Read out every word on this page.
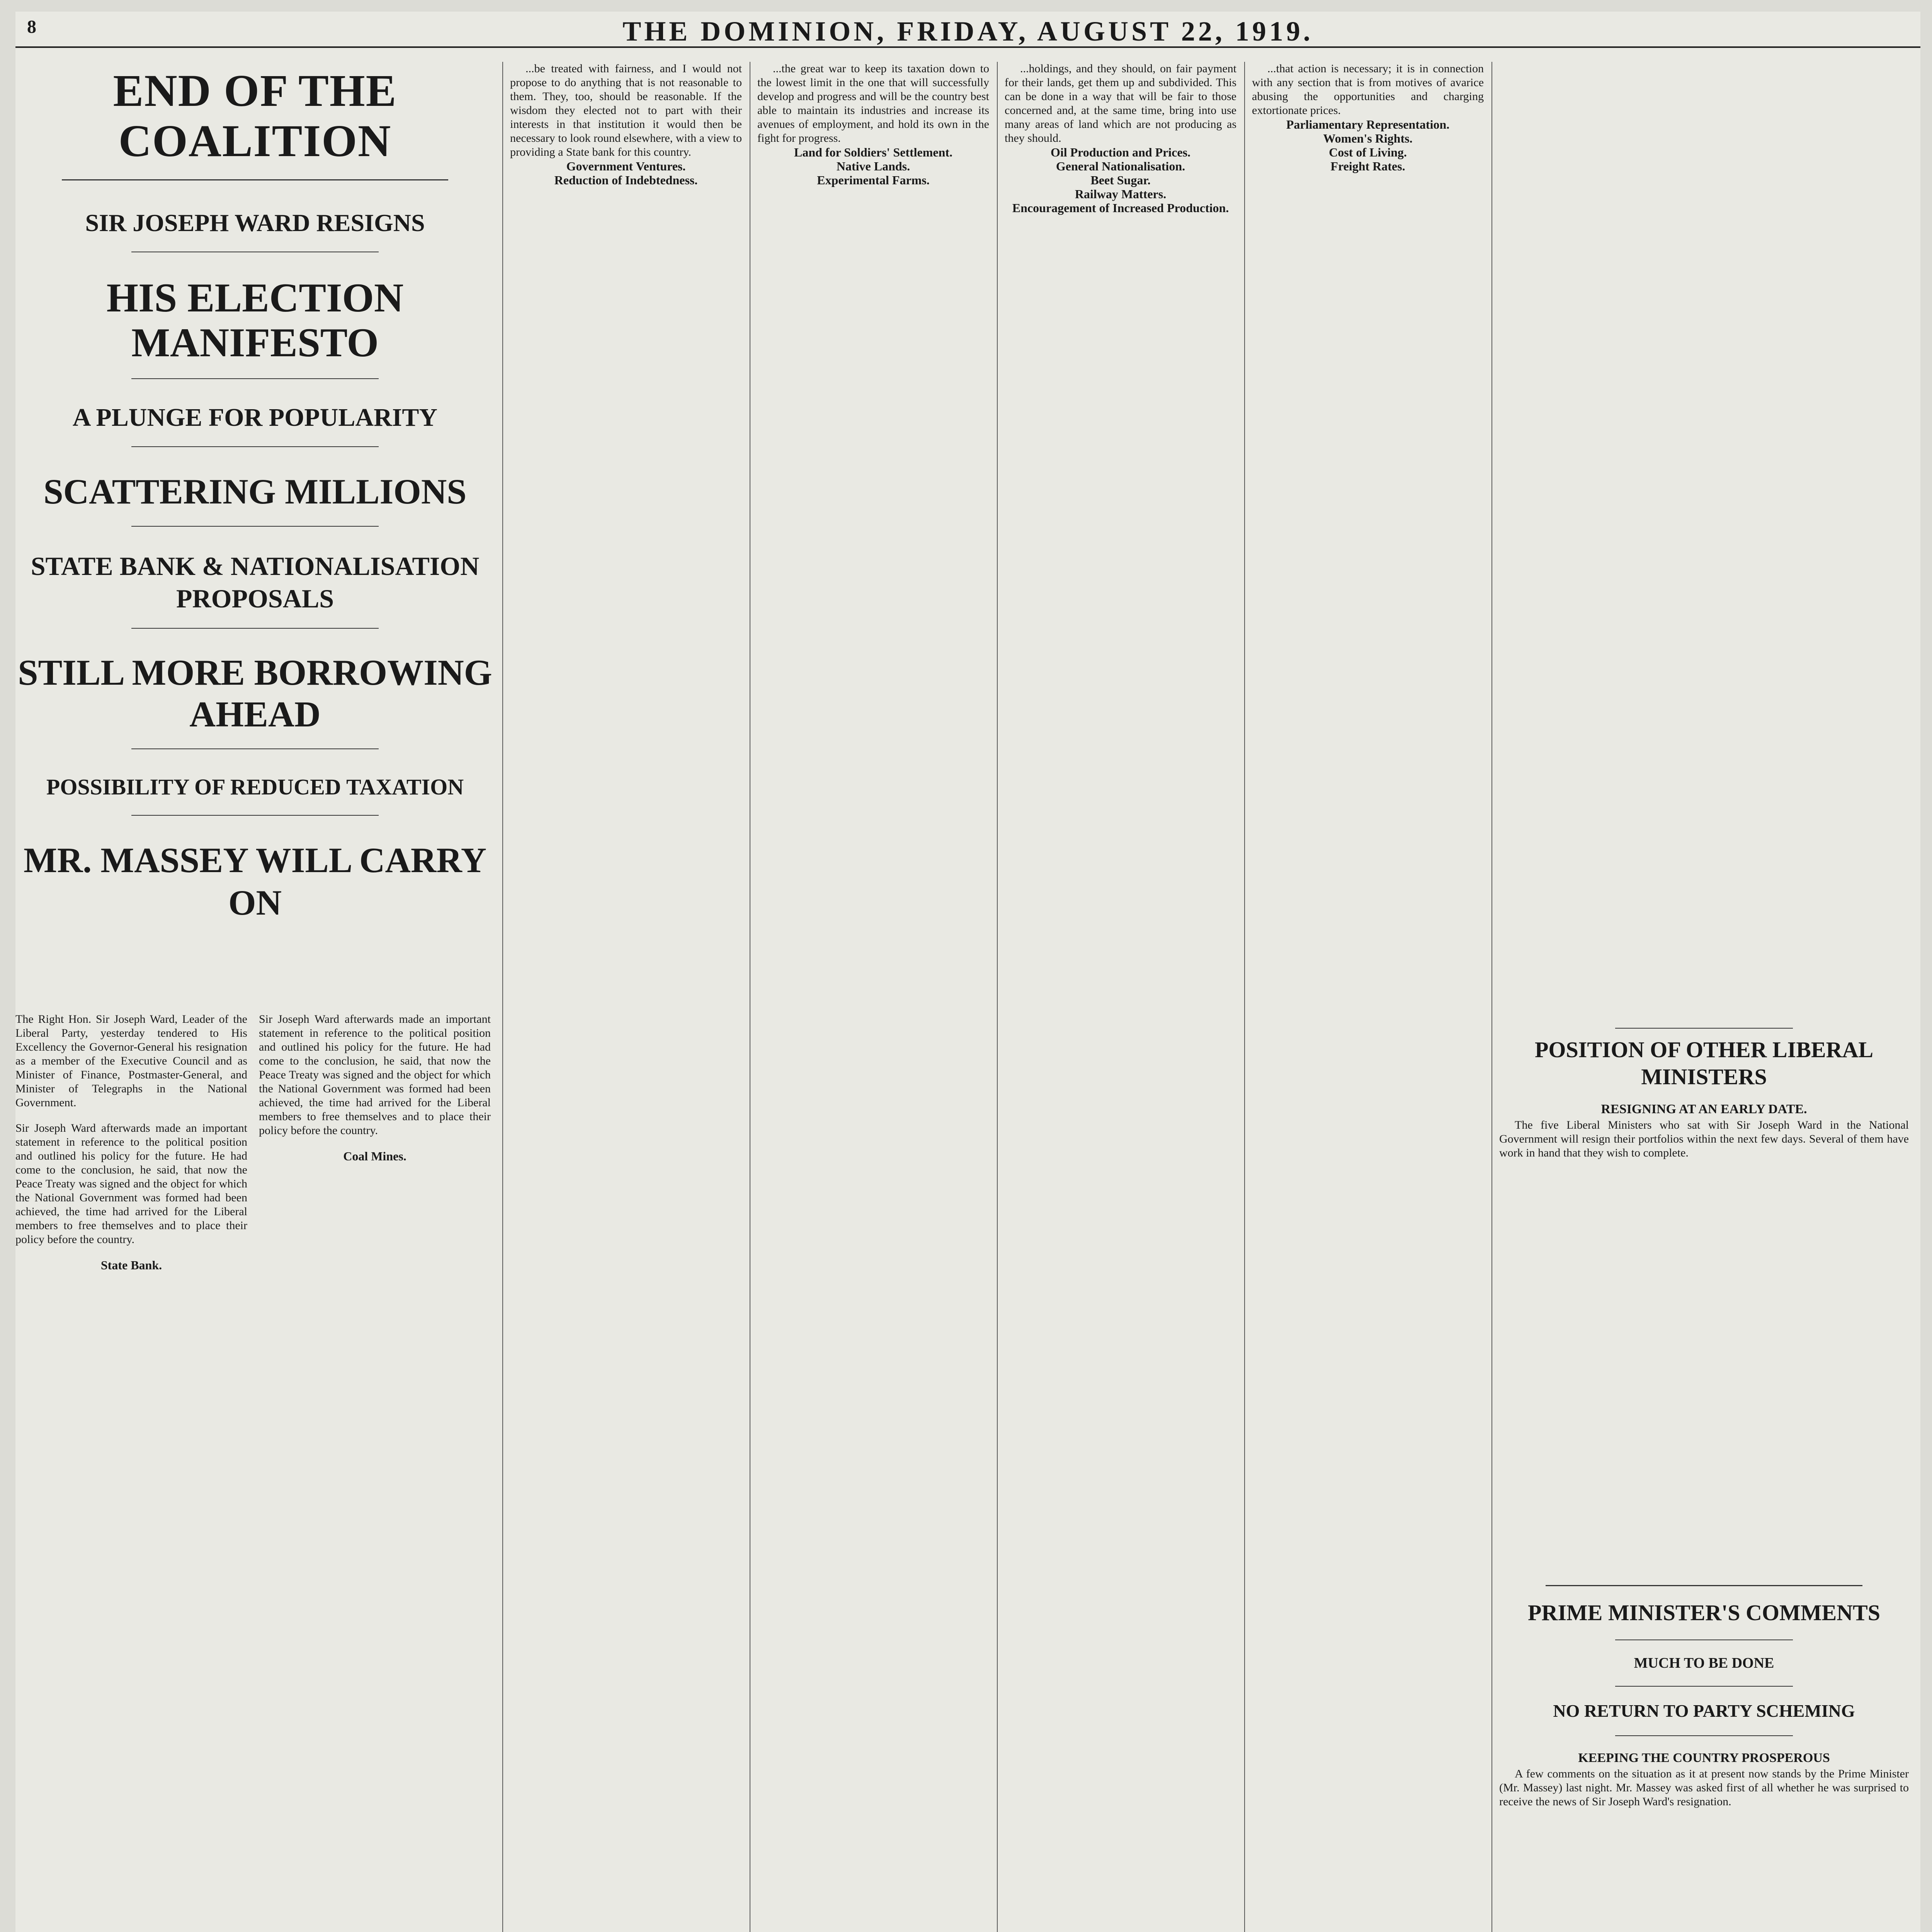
8	THE DOMINION, FRIDAY, AUGUST 22, 1919.
END OF THE COALITION
SIR JOSEPH WARD RESIGNS
HIS ELECTION MANIFESTO
A PLUNGE FOR POPULARITY
SCATTERING MILLIONS
STATE BANK & NATIONALISATION PROPOSALS
STILL MORE BORROWING AHEAD
POSSIBILITY OF REDUCED TAXATION
MR. MASSEY WILL CARRY ON

The Right Hon. Sir Joseph Ward, Leader of the Liberal Party, yesterday tendered to His Excellency the Governor-General his resignation as a member of the Executive Council and as Minister of Finance, Postmaster-General, and Minister of Telegraphs in the National Government.

Sir Joseph Ward afterwards made an important statement in reference to the political position and outlined his policy for the future. He had come to the conclusion, he said, that now the Peace Treaty was signed and the object for which the National Government was formed had been achieved, the time had arrived for the Liberal members to free themselves and to place their policy before the country.

State Bank.

Sir Joseph Ward afterwards made an important statement in reference to the political position and outlined his policy for the future. He had come to the conclusion, he said, that now the Peace Treaty was signed and the object for which the National Government was formed had been achieved, the time had arrived for the Liberal members to free themselves and to place their policy before the country.

Coal Mines.

...be treated with fairness, and I would not propose to do anything that is not reasonable to them. They, too, should be reasonable. If the wisdom they elected not to part with their interests in that institution it would then be necessary to look round elsewhere, with a view to providing a State bank for this country.

Government Ventures.

Reduction of Indebtedness.

...the great war to keep its taxation down to the lowest limit in the one that will successfully develop and progress and will be the country best able to maintain its industries and increase its avenues of employment, and hold its own in the fight for progress.

Land for Soldiers' Settlement.

Native Lands.

Experimental Farms.

...holdings, and they should, on fair payment for their lands, get them up and subdivided. This can be done in a way that will be fair to those concerned and, at the same time, bring into use many areas of land which are not producing as they should.

Oil Production and Prices.

General Nationalisation.

Beet Sugar.

Railway Matters.

Encouragement of Increased Production.

...that action is necessary; it is in connection with any section that is from motives of avarice abusing the opportunities and charging extortionate prices.

Parliamentary Representation.

Women's Rights.

Cost of Living.

Freight Rates.

POSITION OF OTHER LIBERAL MINISTERS
RESIGNING AT AN EARLY DATE.

The five Liberal Ministers who sat with Sir Joseph Ward in the National Government will resign their portfolios within the next few days. Several of them have work in hand that they wish to complete.

PRIME MINISTER'S COMMENTS
MUCH TO BE DONE
NO RETURN TO PARTY SCHEMING
KEEPING THE COUNTRY PROSPEROUS

A few comments on the situation as it at present now stands by the Prime Minister (Mr. Massey) last night. Mr. Massey was asked first of all whether he was surprised to receive the news of Sir Joseph Ward's resignation.
